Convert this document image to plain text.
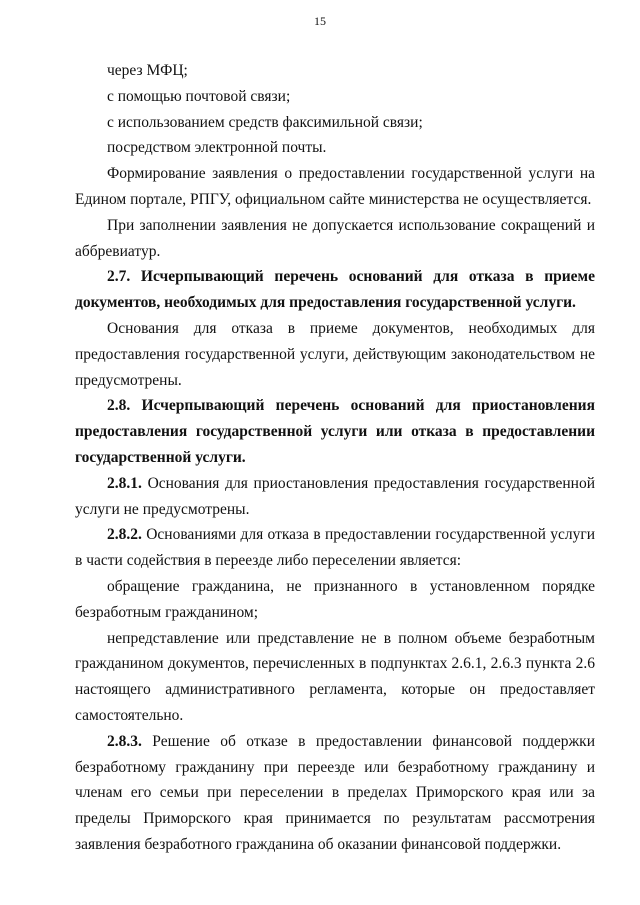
15

через МФЦ;

с помощью почтовой связи;

с использованием средств факсимильной связи;

посредством электронной почты.

Формирование заявления о предоставлении государственной услуги на Едином портале, РПГУ, официальном сайте министерства не осуществляется.

При заполнении заявления не допускается использование сокращений и аббревиатур.

2.7. Исчерпывающий перечень оснований для отказа в приеме документов, необходимых для предоставления государственной услуги.

Основания для отказа в приеме документов, необходимых для предоставления государственной услуги, действующим законодательством не предусмотрены.

2.8. Исчерпывающий перечень оснований для приостановления предоставления государственной услуги или отказа в предоставлении государственной услуги.

2.8.1. Основания для приостановления предоставления государственной услуги не предусмотрены.

2.8.2. Основаниями для отказа в предоставлении государственной услуги в части содействия в переезде либо переселении является:

обращение гражданина, не признанного в установленном порядке безработным гражданином;

непредставление или представление не в полном объеме безработным гражданином документов, перечисленных в подпунктах 2.6.1, 2.6.3 пункта 2.6 настоящего административного регламента, которые он предоставляет самостоятельно.

2.8.3. Решение об отказе в предоставлении финансовой поддержки безработному гражданину при переезде или безработному гражданину и членам его семьи при переселении в пределах Приморского края или за пределы Приморского края принимается по результатам рассмотрения заявления безработного гражданина об оказании финансовой поддержки.
